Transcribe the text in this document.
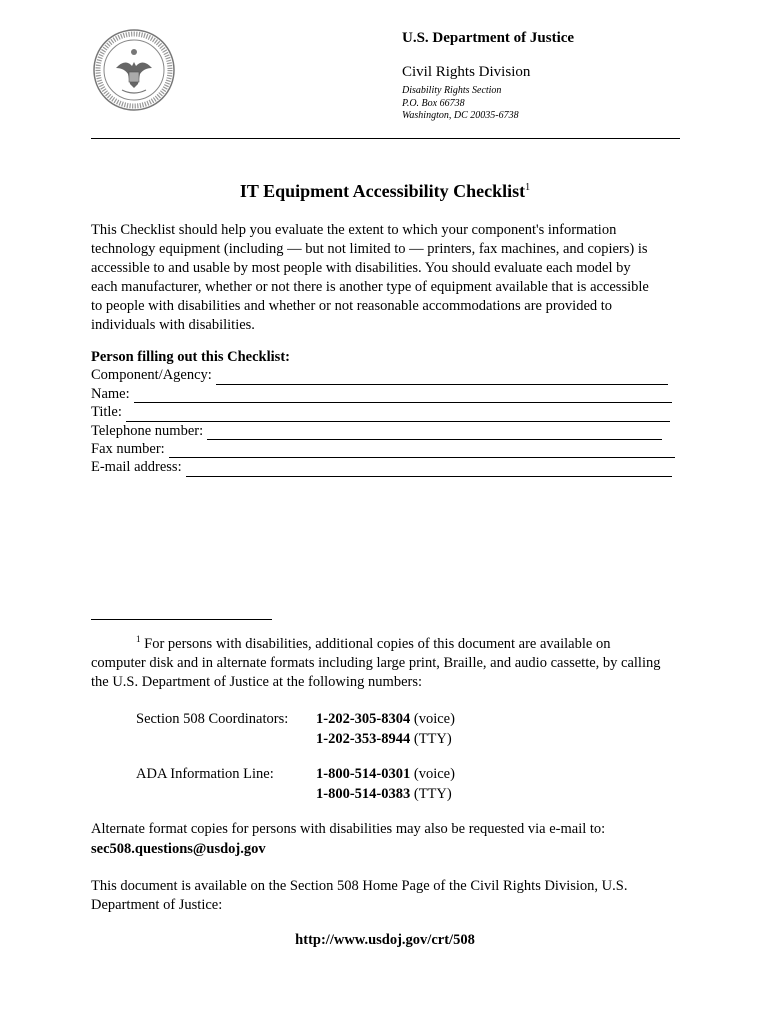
U.S. Department of Justice
Civil Rights Division
Disability Rights Section
P.O. Box 66738
Washington, DC 20035-6738
IT Equipment Accessibility Checklist$^1$
This Checklist should help you evaluate the extent to which your component's information
technology equipment (including — but not limited to — printers, fax machines, and copiers) is
accessible to and usable by most people with disabilities. You should evaluate each model by
each manufacturer, whether or not there is another type of equipment available that is accessible
to people with disabilities and whether or not reasonable accommodations are provided to
individuals with disabilities.
Person filling out this Checklist:
Component/Agency:
Name:
Title:
Telephone number:
Fax number:
E-mail address:
$^1$ For persons with disabilities, additional copies of this document are available on
computer disk and in alternate formats including large print, Braille, and audio cassette, by calling
the U.S. Department of Justice at the following numbers:
Section 508 Coordinators: 1-202-305-8304 (voice)
1-202-353-8944 (TTY)
ADA Information Line:	1-800-514-0301 (voice)
1-800-514-0383 (TTY)
Alternate format copies for persons with disabilities may also be requested via e-mail to:
sec508.questions@usdoj.gov
This document is available on the Section 508 Home Page of the Civil Rights Division, U.S.
Department of Justice:
http://www.usdoj.gov/crt/508
